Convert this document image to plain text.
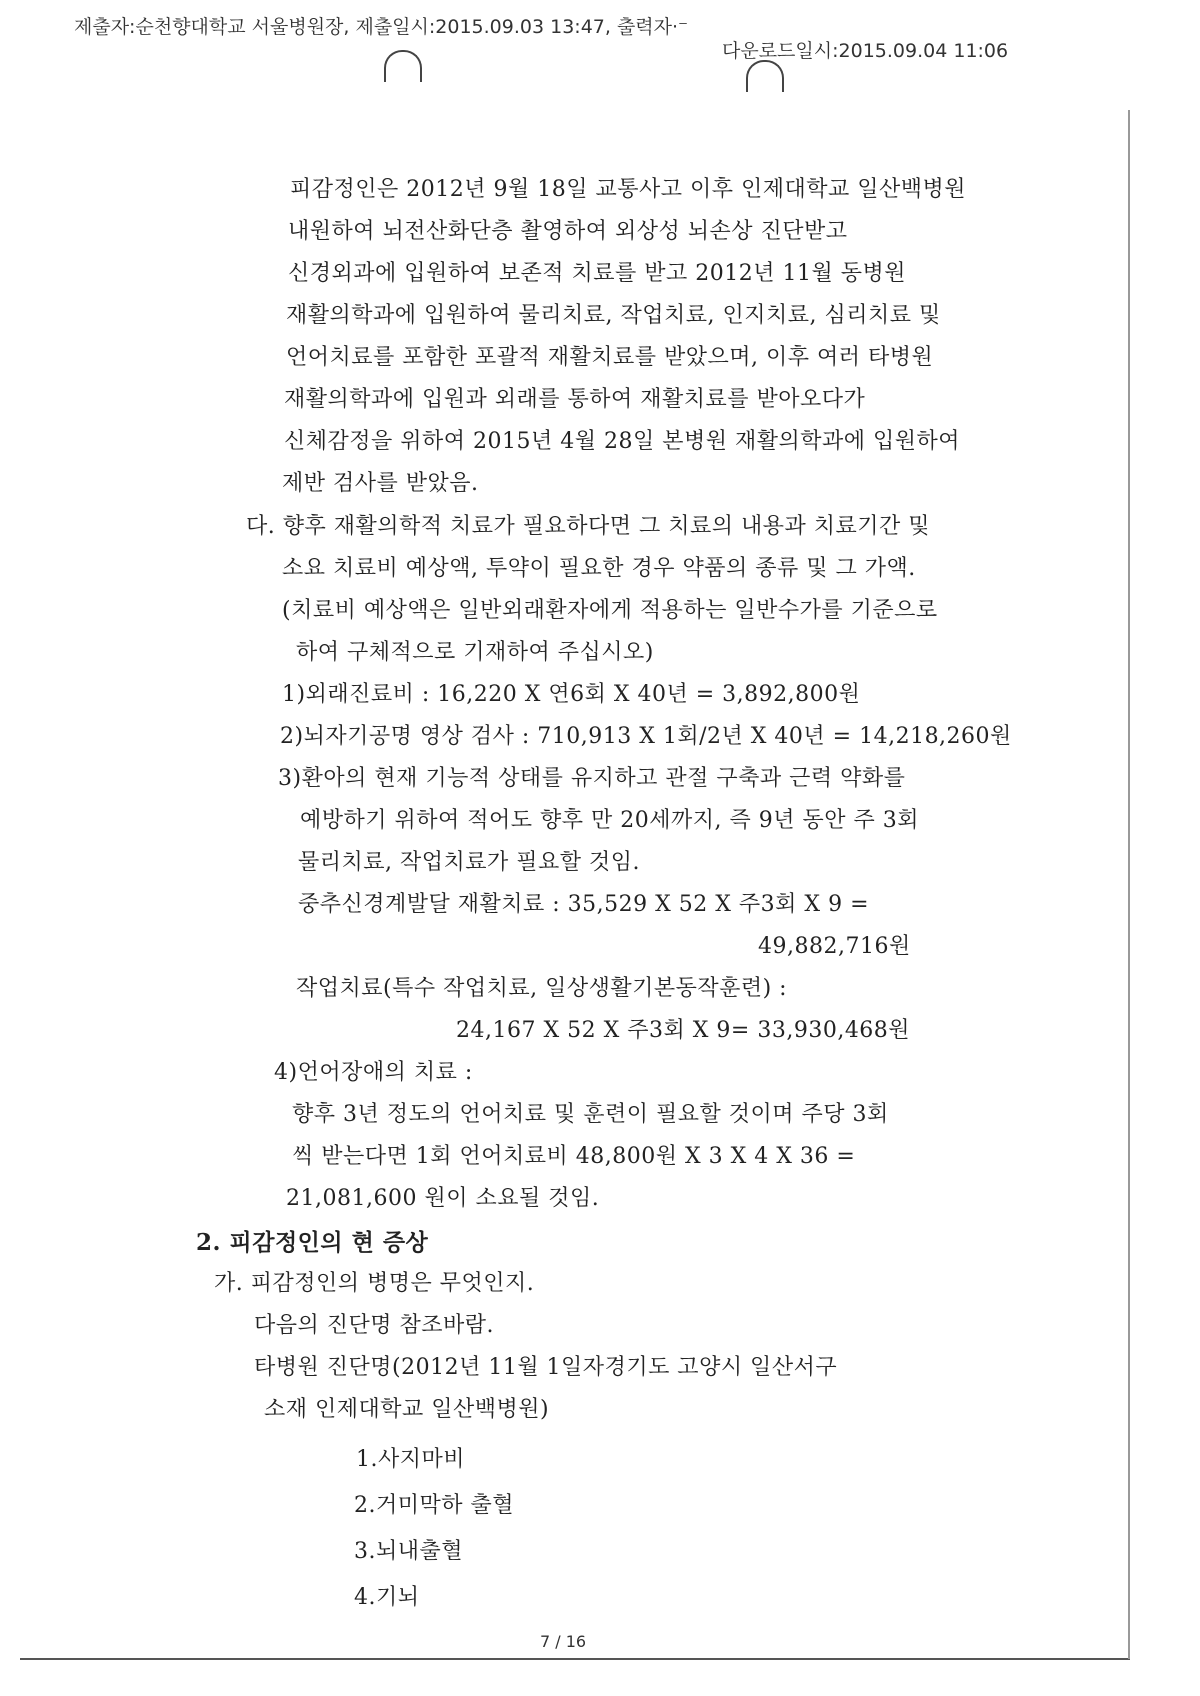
제출자:순천향대학교 서울병원장, 제출일시:2015.09.03 13:47, 출력자·⁻
다운로드일시:2015.09.04 11:06
피감정인은 2012년 9월 18일 교통사고 이후 인제대학교 일산백병원
내원하여 뇌전산화단층 촬영하여 외상성 뇌손상 진단받고
신경외과에 입원하여 보존적 치료를 받고 2012년 11월 동병원
재활의학과에 입원하여 물리치료, 작업치료, 인지치료, 심리치료 및
언어치료를 포함한 포괄적 재활치료를 받았으며, 이후 여러 타병원
재활의학과에 입원과 외래를 통하여 재활치료를 받아오다가
신체감정을 위하여 2015년 4월 28일 본병원 재활의학과에 입원하여
제반 검사를 받았음.
다. 향후 재활의학적 치료가 필요하다면 그 치료의 내용과 치료기간 및
소요 치료비 예상액, 투약이 필요한 경우 약품의 종류 및 그 가액.
(치료비 예상액은 일반외래환자에게 적용하는 일반수가를 기준으로
하여 구체적으로 기재하여 주십시오)
1)외래진료비 : 16,220 X 연6회 X 40년 = 3,892,800원
2)뇌자기공명 영상 검사 : 710,913 X 1회/2년 X 40년 = 14,218,260원
3)환아의 현재 기능적 상태를 유지하고 관절 구축과 근력 약화를
예방하기 위하여 적어도 향후 만 20세까지, 즉 9년 동안 주 3회
물리치료, 작업치료가 필요할 것임.
중추신경계발달 재활치료 : 35,529 X 52 X 주3회 X 9 =
49,882,716원
작업치료(특수 작업치료, 일상생활기본동작훈련) :
24,167 X 52 X 주3회 X 9= 33,930,468원
4)언어장애의 치료 :
향후 3년 정도의 언어치료 및 훈련이 필요할 것이며 주당 3회
씩 받는다면 1회 언어치료비 48,800원 X 3 X 4 X 36 =
21,081,600 원이 소요될 것임.
2. 피감정인의 현 증상
가. 피감정인의 병명은 무엇인지.
다음의 진단명 참조바람.
타병원 진단명(2012년 11월 1일자경기도 고양시 일산서구
소재 인제대학교 일산백병원)
1.사지마비
2.거미막하 출혈
3.뇌내출혈
4.기뇌
7 / 16
